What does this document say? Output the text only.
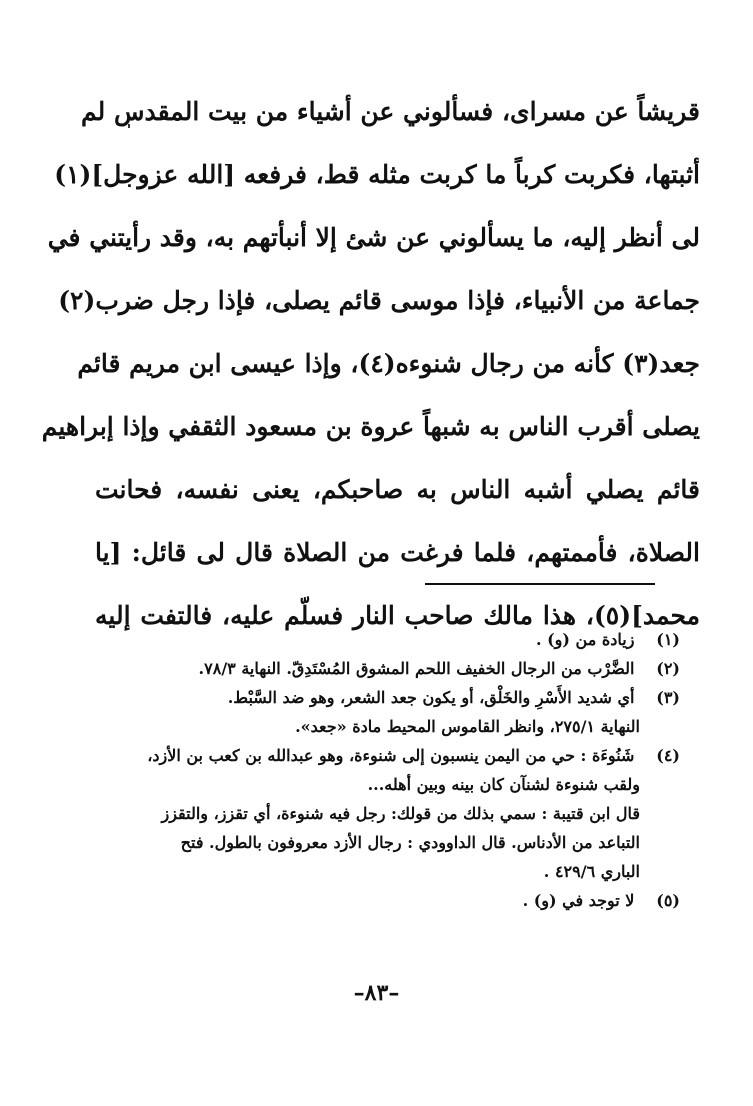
قريشاً عن مسراى، فسألوني عن أشياء من بيت المقدس لم
أثبتها، فكربت كرباً ما كربت مثله قط، فرفعه [الله عزوجل](١)
لى أنظر إليه، ما يسألوني عن شئ إلا أنبأتهم به، وقد رأيتني في
جماعة من الأنبياء، فإذا موسى قائم يصلى، فإذا رجل ضرب(٢)
جعد(٣) كأنه من رجال شنوءه(٤)، وإذا عيسى ابن مريم قائم
يصلى أقرب الناس به شبهاً عروة بن مسعود الثقفي وإذا إبراهيم
قائم يصلي أشبه الناس به صاحبكم، يعنى نفسه، فحانت
الصلاة، فأممتهم، فلما فرغت من الصلاة قال لى قائل: [يا
محمد](٥)، هذا مالك صاحب النار فسلّم عليه، فالتفت إليه
(١) زيادة من (و) .
(٢) الضَّرْب من الرجال الخفيف اللحم المشوق المُسْتَدِقّ. النهاية ٧٨/٣.
(٣) أي شديد الأَسْرِ والخَلْق، أو يكون جعد الشعر، وهو ضد السَّبْط.
النهاية ٢٧٥/١، وانظر القاموس المحيط مادة «جعد».
(٤) شَنُوءَة : حي من اليمن ينسبون إلى شنوءة، وهو عبدالله بن كعب بن الأزد،
ولقب شنوءة لشنآن كان بينه وبين أهله...
قال ابن قتيبة : سمي بذلك من قولك: رجل فيه شنوءة، أي تقزز، والتقزز
التباعد من الأدناس. قال الداوودي : رجال الأزد معروفون بالطول. فتح
الباري ٤٢٩/٦ .
(٥) لا توجد في (و) .
–٨٣–
